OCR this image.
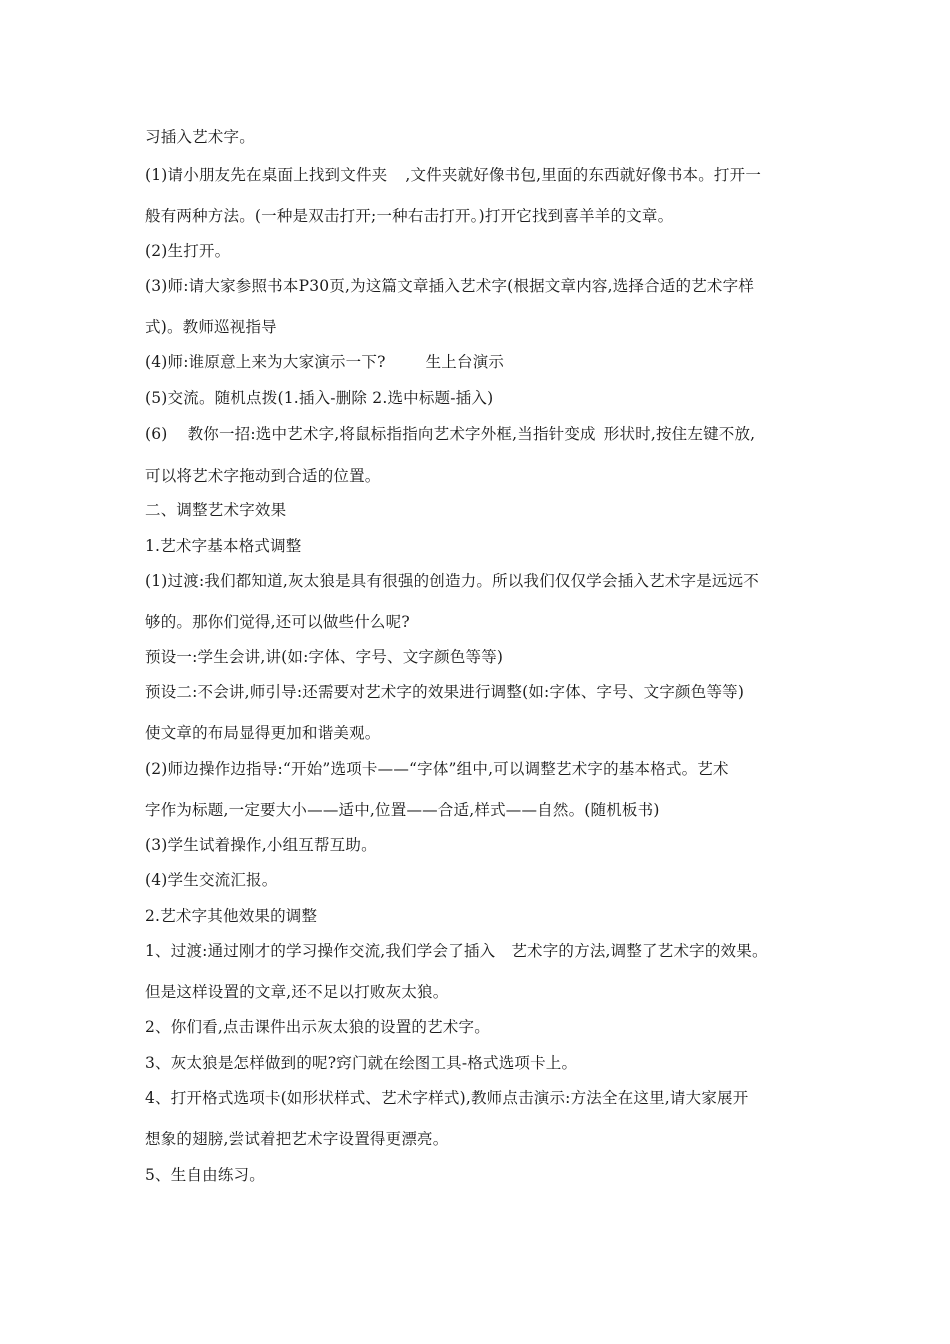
习插入艺术字。
(1)请小朋友先在桌面上找到文件夹 ,文件夹就好像书包,里面的东西就好像书本。打开一
般有两种方法。(一种是双击打开;一种右击打开。)打开它找到喜羊羊的文章。
(2)生打开。
(3)师:请大家参照书本P30页,为这篇文章插入艺术字(根据文章内容,选择合适的艺术字样
式)。教师巡视指导
(4)师:谁原意上来为大家演示一下?	生上台演示
(5)交流。随机点拨(1.插入-删除 2.选中标题-插入)
(6) 教你一招:选中艺术字,将鼠标指指向艺术字外框,当指针变成 形状时,按住左键不放,
可以将艺术字拖动到合适的位置。
二、调整艺术字效果
1.艺术字基本格式调整
(1)过渡:我们都知道,灰太狼是具有很强的创造力。所以我们仅仅学会插入艺术字是远远不
够的。那你们觉得,还可以做些什么呢?
预设一:学生会讲,讲(如:字体、字号、文字颜色等等)
预设二:不会讲,师引导:还需要对艺术字的效果进行调整(如:字体、字号、文字颜色等等)
使文章的布局显得更加和谐美观。
(2)师边操作边指导:“开始”选项卡——“字体”组中,可以调整艺术字的基本格式。艺术
字作为标题,一定要大小——适中,位置——合适,样式——自然。(随机板书)
(3)学生试着操作,小组互帮互助。
(4)学生交流汇报。
2.艺术字其他效果的调整
1、过渡:通过刚才的学习操作交流,我们学会了插入 艺术字的方法,调整了艺术字的效果。
但是这样设置的文章,还不足以打败灰太狼。
2、你们看,点击课件出示灰太狼的设置的艺术字。
3、灰太狼是怎样做到的呢?窍门就在绘图工具-格式选项卡上。
4、打开格式选项卡(如形状样式、艺术字样式),教师点击演示:方法全在这里,请大家展开
想象的翅膀,尝试着把艺术字设置得更漂亮。
5、生自由练习。
